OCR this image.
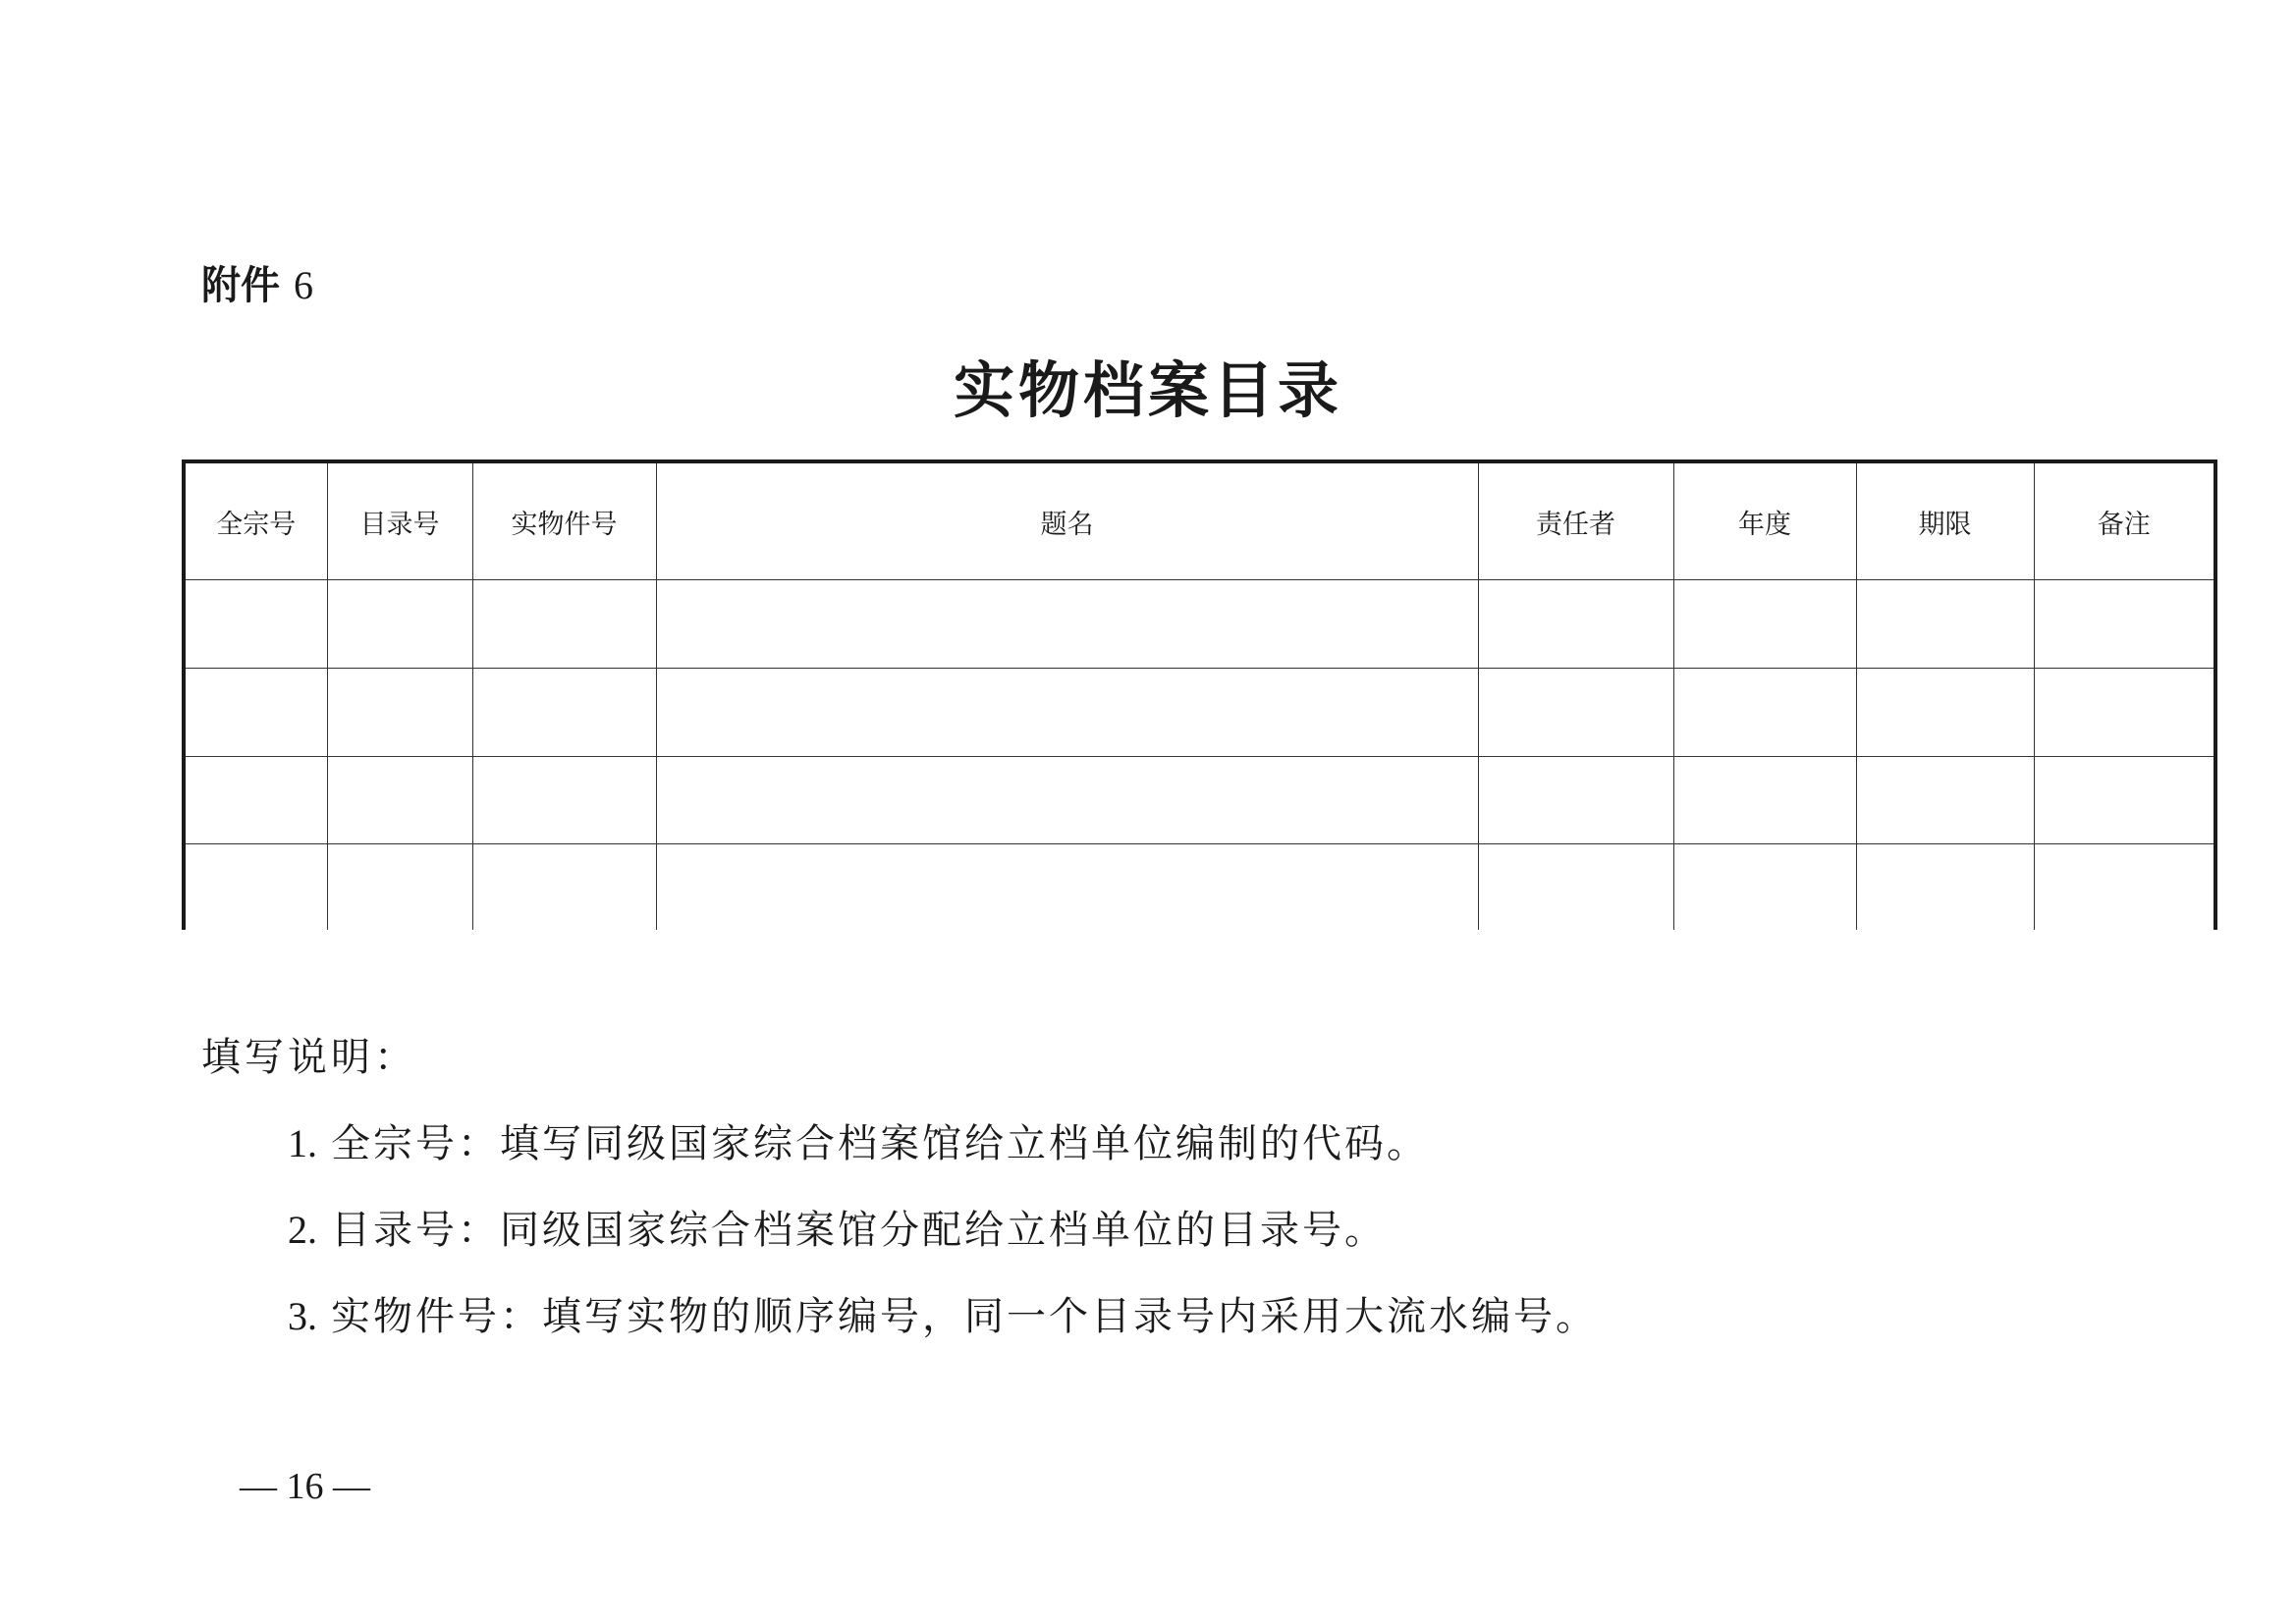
附件 6
实物档案目录
全宗号	目录号	实物件号	题名	责任者	年度	期限	备注

填写说明：
1. 全宗号：填写同级国家综合档案馆给立档单位编制的代码。
2. 目录号：同级国家综合档案馆分配给立档单位的目录号。
3. 实物件号：填写实物的顺序编号，同一个目录号内采用大流水编号。
— 16 —
